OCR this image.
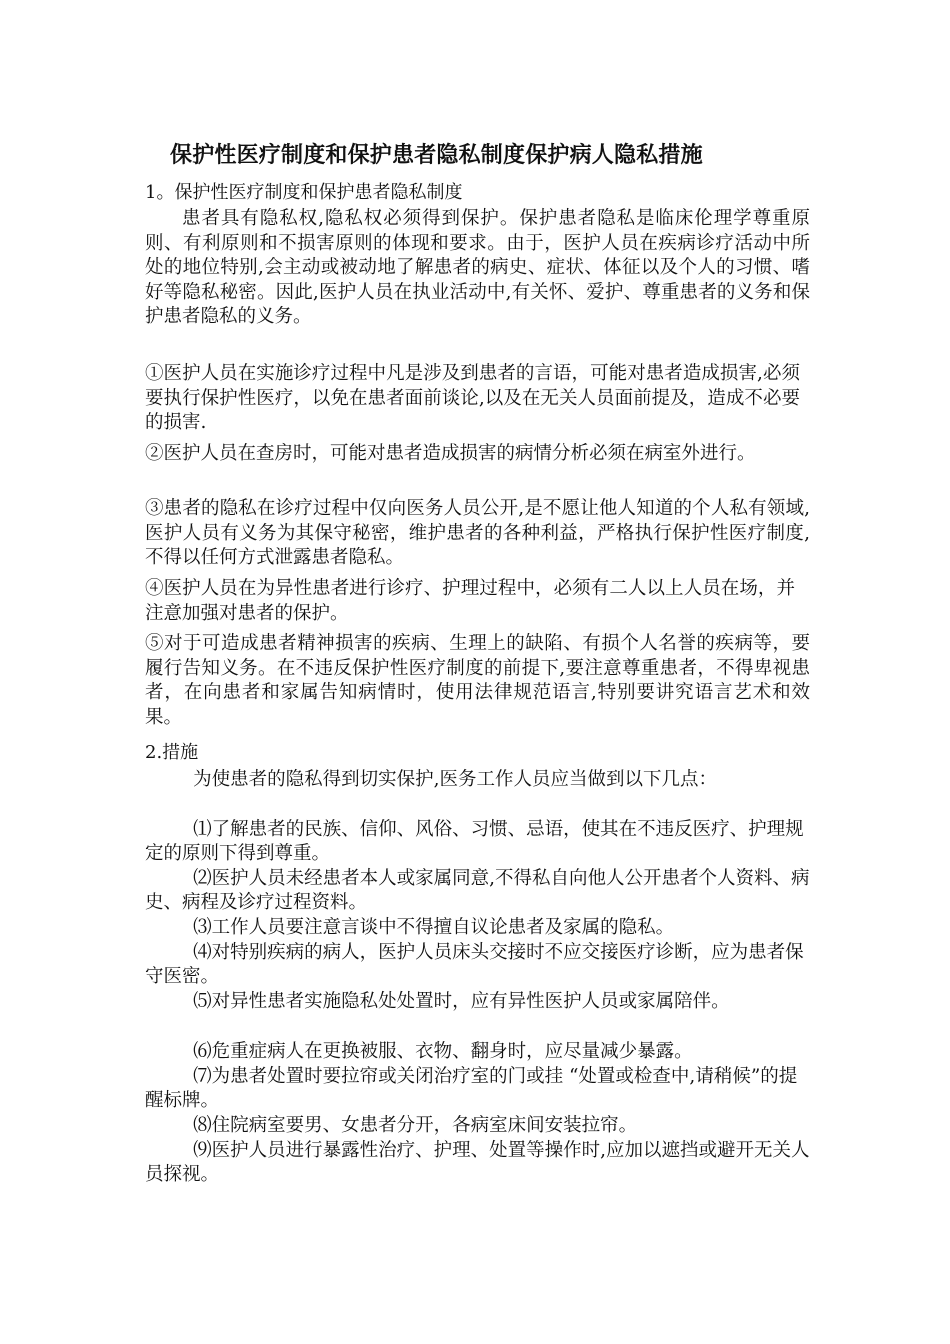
保护性医疗制度和保护患者隐私制度保护病人隐私措施

1。保护性医疗制度和保护患者隐私制度

患者具有隐私权,隐私权必须得到保护。保护患者隐私是临床伦理学尊重原则、有利原则和不损害原则的体现和要求。由于，医护人员在疾病诊疗活动中所处的地位特别,会主动或被动地了解患者的病史、症状、体征以及个人的习惯、嗜好等隐私秘密。因此,医护人员在执业活动中,有关怀、爱护、尊重患者的义务和保护患者隐私的义务。

①医护人员在实施诊疗过程中凡是涉及到患者的言语，可能对患者造成损害,必须要执行保护性医疗，以免在患者面前谈论,以及在无关人员面前提及，造成不必要的损害.

②医护人员在查房时，可能对患者造成损害的病情分析必须在病室外进行。

③患者的隐私在诊疗过程中仅向医务人员公开,是不愿让他人知道的个人私有领域,医护人员有义务为其保守秘密，维护患者的各种利益，严格执行保护性医疗制度,不得以任何方式泄露患者隐私。

④医护人员在为异性患者进行诊疗、护理过程中，必须有二人以上人员在场，并注意加强对患者的保护。

⑤对于可造成患者精神损害的疾病、生理上的缺陷、有损个人名誉的疾病等，要履行告知义务。在不违反保护性医疗制度的前提下,要注意尊重患者，不得卑视患者，在向患者和家属告知病情时，使用法律规范语言,特别要讲究语言艺术和效果。

2.措施

为使患者的隐私得到切实保护,医务工作人员应当做到以下几点：

⑴了解患者的民族、信仰、风俗、习惯、忌语，使其在不违反医疗、护理规定的原则下得到尊重。

⑵医护人员未经患者本人或家属同意,不得私自向他人公开患者个人资料、病史、病程及诊疗过程资料。

⑶工作人员要注意言谈中不得擅自议论患者及家属的隐私。

⑷对特别疾病的病人，医护人员床头交接时不应交接医疗诊断，应为患者保守医密。

⑸对异性患者实施隐私处处置时，应有异性医护人员或家属陪伴。

⑹危重症病人在更换被服、衣物、翻身时，应尽量减少暴露。

⑺为患者处置时要拉帘或关闭治疗室的门或挂 “处置或检查中,请稍候”的提醒标牌。

⑻住院病室要男、女患者分开，各病室床间安装拉帘。

⑼医护人员进行暴露性治疗、护理、处置等操作时,应加以遮挡或避开无关人员探视。
